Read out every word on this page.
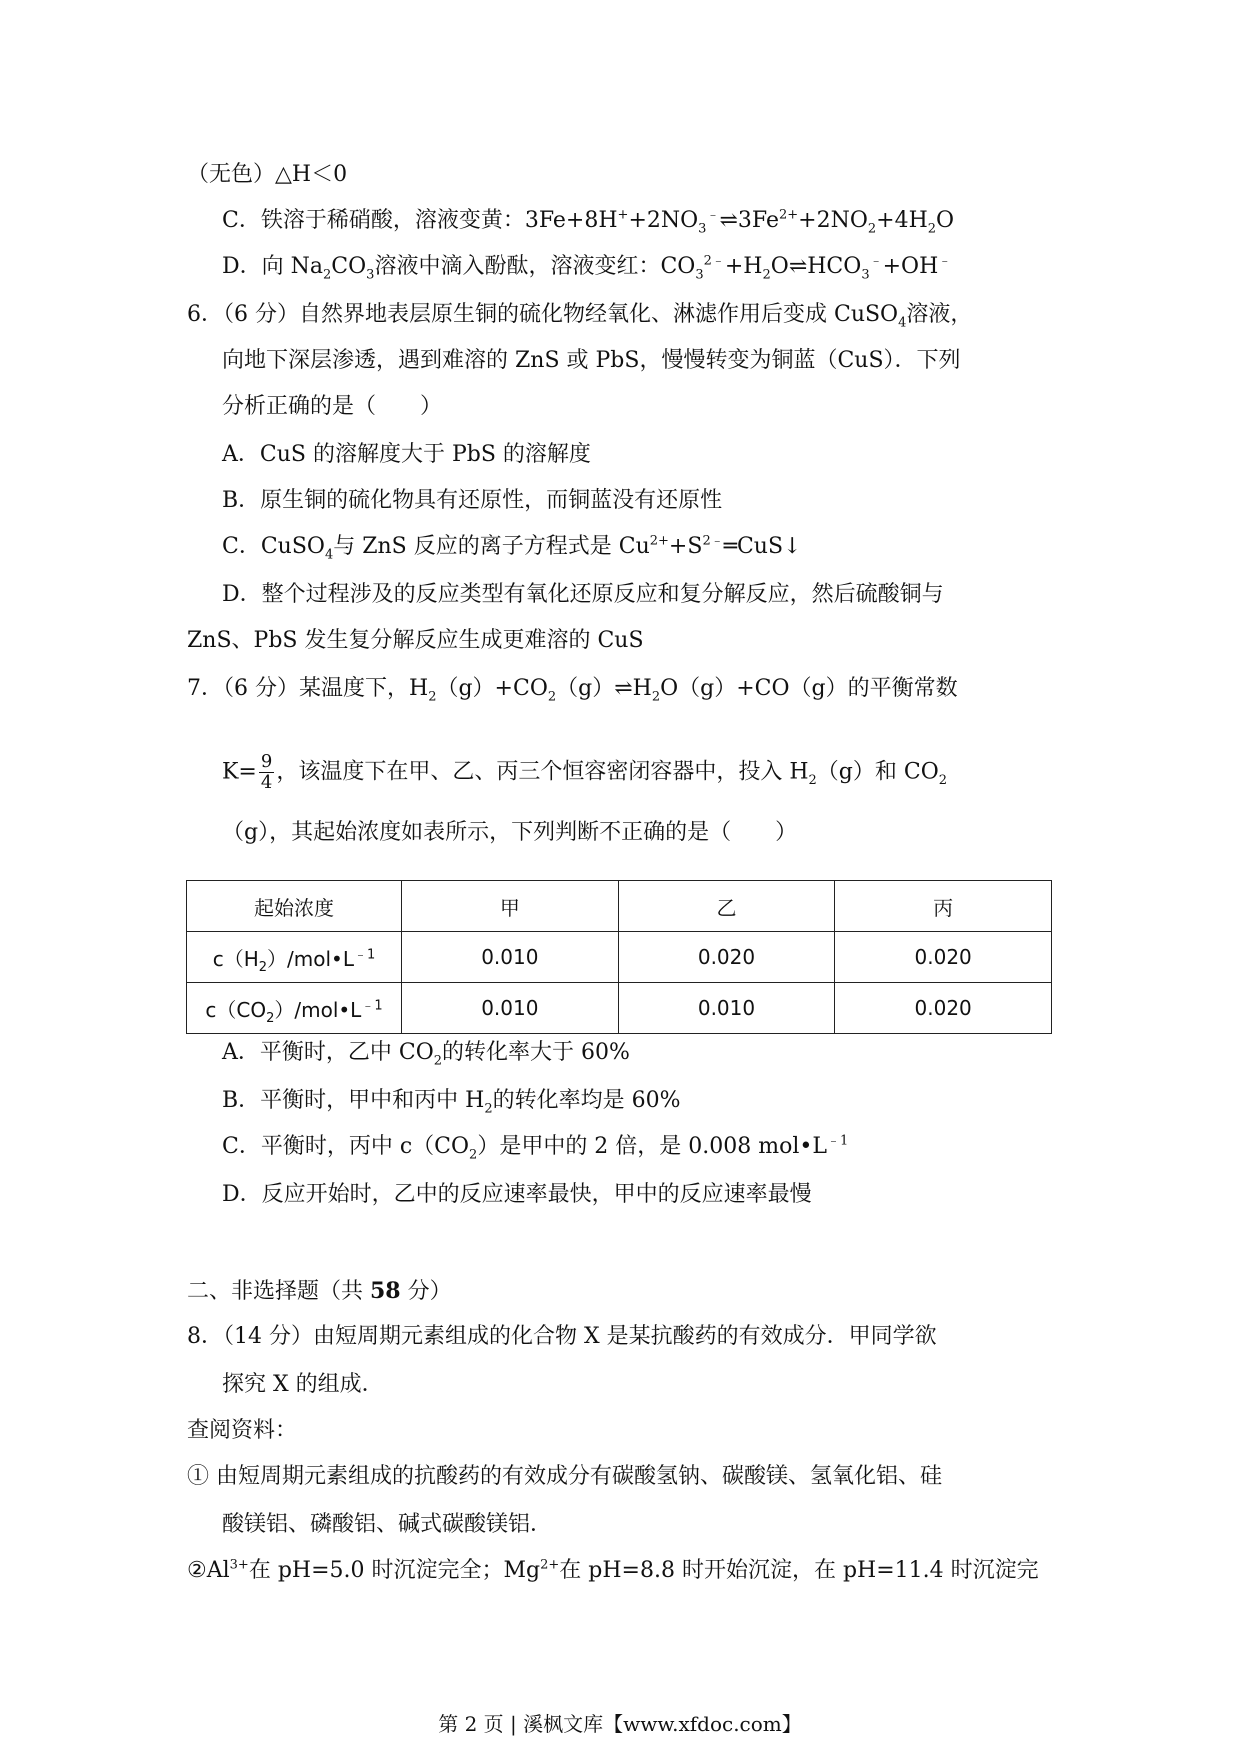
（无色）△H＜0
C．铁溶于稀硝酸，溶液变黄：$3Fe+8H^++2NO_3^﹣\rightleftharpoons 3Fe^{2+}+2NO_2+4H_2O$
D．向 $Na_2CO_3$溶液中滴入酚酞，溶液变红：$CO_3^{2﹣}+H_2O\rightleftharpoons HCO_3^﹣+OH^﹣$
6．（6 分）自然界地表层原生铜的硫化物经氧化、淋滤作用后变成 CuSO$_4$溶液，
向地下深层渗透，遇到难溶的 ZnS 或 PbS，慢慢转变为铜蓝（CuS）．下列
分析正确的是（　　）
A．CuS 的溶解度大于 PbS 的溶解度
B．原生铜的硫化物具有还原性，而铜蓝没有还原性
C．CuSO$_4$与 ZnS 反应的离子方程式是 $Cu^{2+}+S^{2﹣}═CuS↓$
D．整个过程涉及的反应类型有氧化还原反应和复分解反应，然后硫酸铜与
ZnS、PbS 发生复分解反应生成更难溶的 CuS
7．（6 分）某温度下，$H_2(g)+CO_2(g)\rightleftharpoons H_2O(g)+CO(g)$的平衡常数
$K= \frac{9}{4}$ ，该温度下在甲、乙、丙三个恒容密闭容器中，投入 $H_2(g)$和 $CO_2$
（g），其起始浓度如表所示，下列判断不正确的是（　　）
起始浓度	甲	乙	丙
$c(H_2)/mol•L^{﹣1}$	0.010	0.020	0.020
$c(CO_2)/mol•L^{﹣1}$	0.010	0.010	0.020
A．平衡时，乙中 $CO_2$的转化率大于 60%
B．平衡时，甲中和丙中 $H_2$的转化率均是 60%
C．平衡时，丙中 $c(CO_2)$是甲中的 2 倍，是 0.008 $mol•L^{﹣1}$
D．反应开始时，乙中的反应速率最快，甲中的反应速率最慢
二、非选择题（共 58 分）
8．（14 分）由短周期元素组成的化合物 X 是某抗酸药的有效成分．甲同学欲
探究 X 的组成．
查阅资料：
① 由短周期元素组成的抗酸药的有效成分有碳酸氢钠、碳酸镁、氢氧化铝、硅
酸镁铝、磷酸铝、碱式碳酸镁铝．
$②Al^{3+}$在 pH=5.0 时沉淀完全；$Mg^{2+}$在 pH=8.8 时开始沉淀，在 pH=11.4 时沉淀完
第 2 页 | 溪枫文库【www.xfdoc.com】
